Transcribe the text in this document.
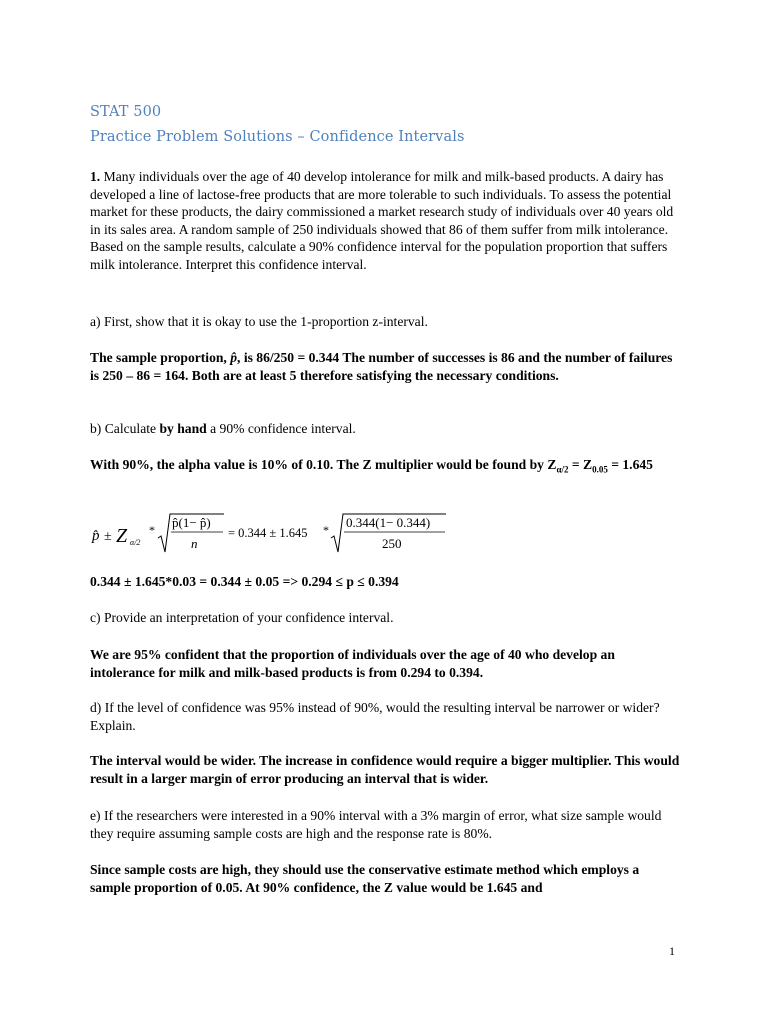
STAT 500
Practice Problem Solutions – Confidence Intervals
1. Many individuals over the age of 40 develop intolerance for milk and milk-based products. A dairy has developed a line of lactose-free products that are more tolerable to such individuals. To assess the potential market for these products, the dairy commissioned a market research study of individuals over 40 years old in its sales area. A random sample of 250 individuals showed that 86 of them suffer from milk intolerance. Based on the sample results, calculate a 90% confidence interval for the population proportion that suffers milk intolerance. Interpret this confidence interval.
a) First, show that it is okay to use the 1-proportion z-interval.
The sample proportion, p̂, is 86/250 = 0.344 The number of successes is 86 and the number of failures is 250 – 86 = 164. Both are at least 5 therefore satisfying the necessary conditions.
b) Calculate by hand a 90% confidence interval.
With 90%, the alpha value is 10% of 0.10. The Z multiplier would be found by $Z_{\alpha/2} = Z_{0.05} = 1.645$
p̂ ± Z α/2
* p̂(1− p̂)
n
= 0.344 ± 1.645 * 0.344(1− 0.344)
250
0.344 ± 1.645*0.03 = 0.344 ± 0.05 => 0.294 ≤ p ≤ 0.394
c) Provide an interpretation of your confidence interval.
We are 95% confident that the proportion of individuals over the age of 40 who develop an intolerance for milk and milk-based products is from 0.294 to 0.394.
d) If the level of confidence was 95% instead of 90%, would the resulting interval be narrower or wider? Explain.
The interval would be wider. The increase in confidence would require a bigger multiplier. This would result in a larger margin of error producing an interval that is wider.
e) If the researchers were interested in a 90% interval with a 3% margin of error, what size sample would they require assuming sample costs are high and the response rate is 80%.
Since sample costs are high, they should use the conservative estimate method which employs a sample proportion of 0.05. At 90% confidence, the Z value would be 1.645 and
1
